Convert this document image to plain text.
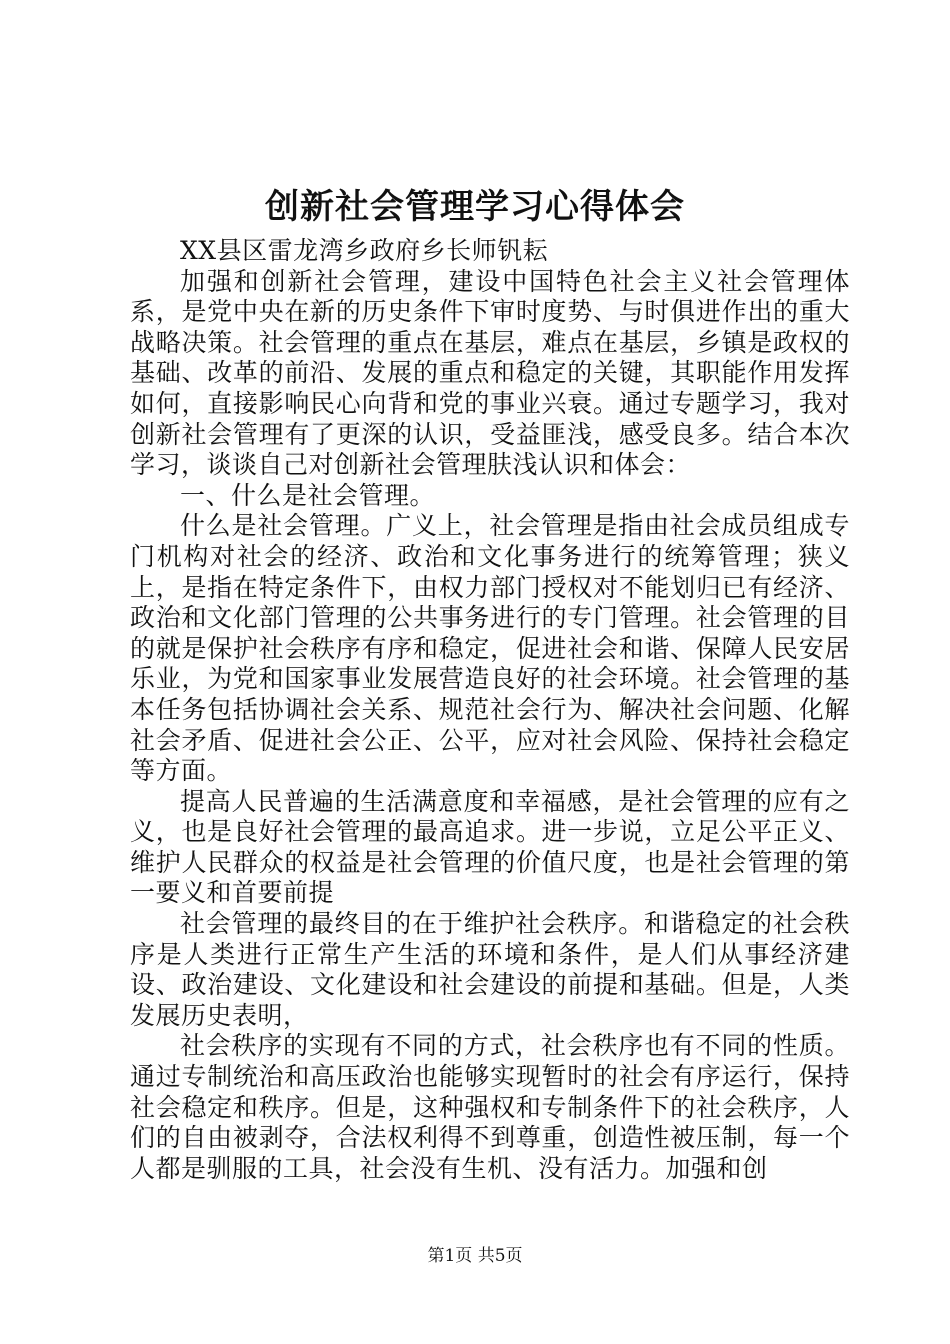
创新社会管理学习心得体会

XX县区雷龙湾乡政府乡长师钒耘

加强和创新社会管理，建设中国特色社会主义社会管理体系，是党中央在新的历史条件下审时度势、与时俱进作出的重大战略决策。社会管理的重点在基层，难点在基层，乡镇是政权的基础、改革的前沿、发展的重点和稳定的关键，其职能作用发挥如何，直接影响民心向背和党的事业兴衰。通过专题学习，我对创新社会管理有了更深的认识，受益匪浅，感受良多。结合本次学习，谈谈自己对创新社会管理肤浅认识和体会：

一、什么是社会管理。

什么是社会管理。广义上，社会管理是指由社会成员组成专门机构对社会的经济、政治和文化事务进行的统筹管理；狭义上，是指在特定条件下，由权力部门授权对不能划归已有经济、政治和文化部门管理的公共事务进行的专门管理。社会管理的目的就是保护社会秩序有序和稳定，促进社会和谐、保障人民安居乐业，为党和国家事业发展营造良好的社会环境。社会管理的基本任务包括协调社会关系、规范社会行为、解决社会问题、化解社会矛盾、促进社会公正、公平，应对社会风险、保持社会稳定等方面。

提高人民普遍的生活满意度和幸福感，是社会管理的应有之义，也是良好社会管理的最高追求。进一步说，立足公平正义、维护人民群众的权益是社会管理的价值尺度，也是社会管理的第一要义和首要前提

社会管理的最终目的在于维护社会秩序。和谐稳定的社会秩序是人类进行正常生产生活的环境和条件，是人们从事经济建设、政治建设、文化建设和社会建设的前提和基础。但是，人类发展历史表明，

社会秩序的实现有不同的方式，社会秩序也有不同的性质。通过专制统治和高压政治也能够实现暂时的社会有序运行，保持社会稳定和秩序。但是，这种强权和专制条件下的社会秩序，人们的自由被剥夺，合法权利得不到尊重，创造性被压制，每一个人都是驯服的工具，社会没有生机、没有活力。加强和创

第1页 共5页
